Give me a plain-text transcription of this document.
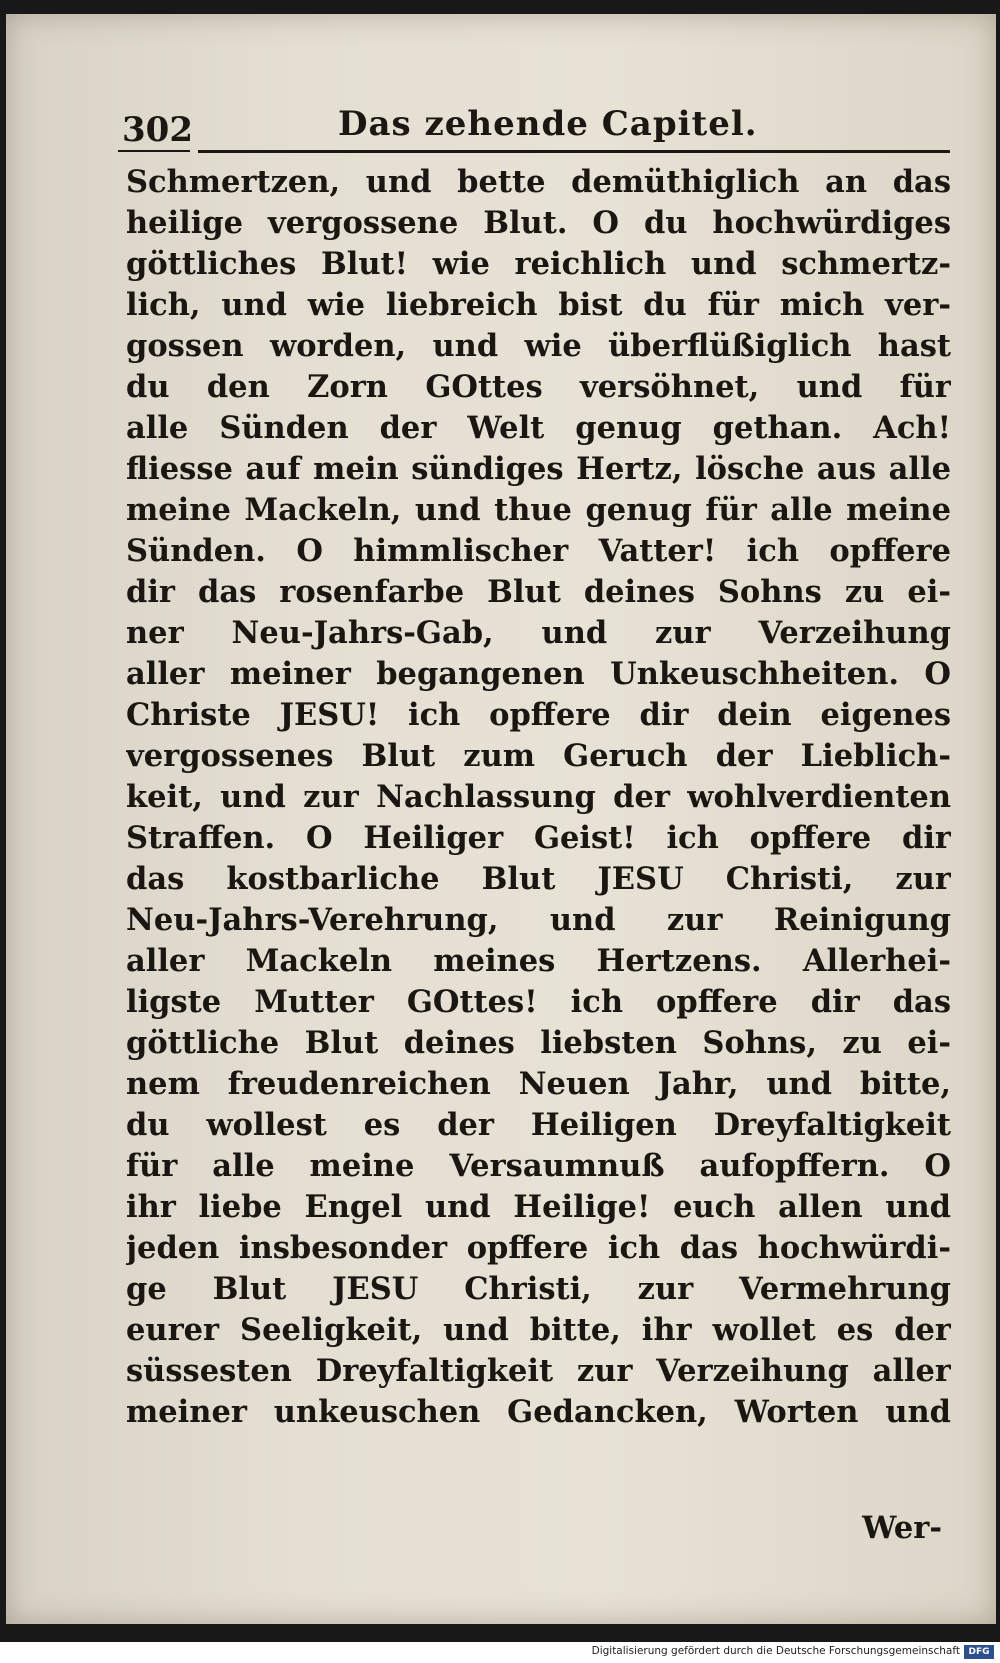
302	Das zehende Capitel.
Schmertzen, und bette demüthiglich an das
heilige vergossene Blut. O du hochwürdiges
göttliches Blut! wie reichlich und schmertz-
lich, und wie liebreich bist du für mich ver-
gossen worden, und wie überflüßiglich hast
du den Zorn GOttes versöhnet, und für
alle Sünden der Welt genug gethan. Ach!
fliesse auf mein sündiges Hertz, lösche aus alle
meine Mackeln, und thue genug für alle meine
Sünden. O himmlischer Vatter! ich opffere
dir das rosenfarbe Blut deines Sohns zu ei-
ner Neu-Jahrs-Gab, und zur Verzeihung
aller meiner begangenen Unkeuschheiten. O
Christe JESU! ich opffere dir dein eigenes
vergossenes Blut zum Geruch der Lieblich-
keit, und zur Nachlassung der wohlverdienten
Straffen. O Heiliger Geist! ich opffere dir
das kostbarliche Blut JESU Christi, zur
Neu-Jahrs-Verehrung, und zur Reinigung
aller Mackeln meines Hertzens. Allerhei-
ligste Mutter GOttes! ich opffere dir das
göttliche Blut deines liebsten Sohns, zu ei-
nem freudenreichen Neuen Jahr, und bitte,
du wollest es der Heiligen Dreyfaltigkeit
für alle meine Versaumnuß aufopffern. O
ihr liebe Engel und Heilige! euch allen und
jeden insbesonder opffere ich das hochwürdi-
ge Blut JESU Christi, zur Vermehrung
eurer Seeligkeit, und bitte, ihr wollet es der
süssesten Dreyfaltigkeit zur Verzeihung aller
meiner unkeuschen Gedancken, Worten und
Wer-
Digitalisierung gefördert durch die Deutsche Forschungsgemeinschaft DFG
